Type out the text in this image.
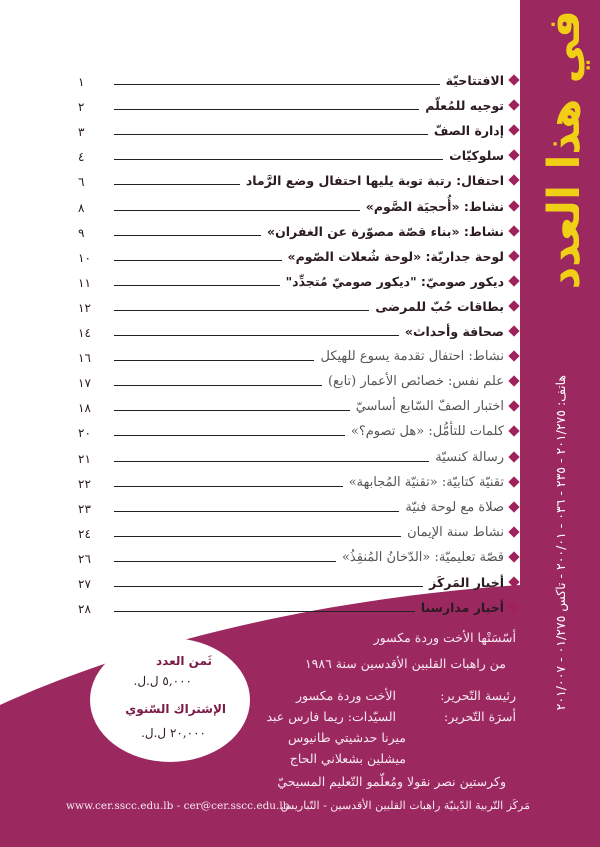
في هذا العدد
هاتف: ٢٠١/٢٧٥ - ٢٣٥ - ٠٣٦ - ٢٠٠/٠١ - تاكس ٠١/٢٧٥ - ٢٠١/٠٠٧
الافتتاحيّة
١
توجيه للمُعلّم
٢
إدارة الصفّ
٣
سلوكيّات
٤
احتفال: رتبة توبة يليها احتفال وضع الرَّماد
٦
نشاط: «أُحجيَة الصَّوم»
٨
نشاط: «بناء قصّة مصوّرة عن الغفران»
٩
لوحة جداريّة: «لوحة شُعلات الصّوم»
١٠
ديكور صوميّ: "ديكور صوميّ مُتجدِّد"
١١
بطاقات حُبّ للمرضى
١٢
صحافة وأحداث»
١٤
نشاط: احتفال تقدمة يسوع للهيكل
١٦
علم نفس: خصائص الأعمار (تابع)
١٧
اختبار الصفّ السّابع أساسيّ
١٨
كلمات للتأمُّل: «هل تصوم؟»
٢٠
رسالة كنسيّة
٢١
تقنيّة كتابيّة: «تقنيّة المُجابهة»
٢٢
صلاة مع لوحة فنيّة
٢٣
نشاط سنة الإيمان
٢٤
قصّة تعليميّة: «الدّخانُ المُنقِذُ»
٢٦
أخبار المَركَز
٢٧
أخبار مدارسنا
٢٨
أسّسَتْها الأخت وردة مكسور
من راهبات القلبين الأقدسين سنة ١٩٨٦
رئيسة التّحرير:
الأخت وردة مكسور
أسرَة التّحرير:
السيّدات: ريما فارس عبد
ميرنا حدشيتي طانيوس
ميشلين بشعلاني الحاج
وكرستين نصر نقولا ومُعلّمو التّعليم المسيحيّ
ثَمن العدد
٥,٠٠٠ ل.ل.
الإشتراك السّنوي
٢٠,٠٠٠ ل.ل.
مَركَز التّربية الدّينيّة راهبات القلبين الأقدسين - التّباريس
www.cer.sscc.edu.lb - cer@cer.sscc.edu.lb
